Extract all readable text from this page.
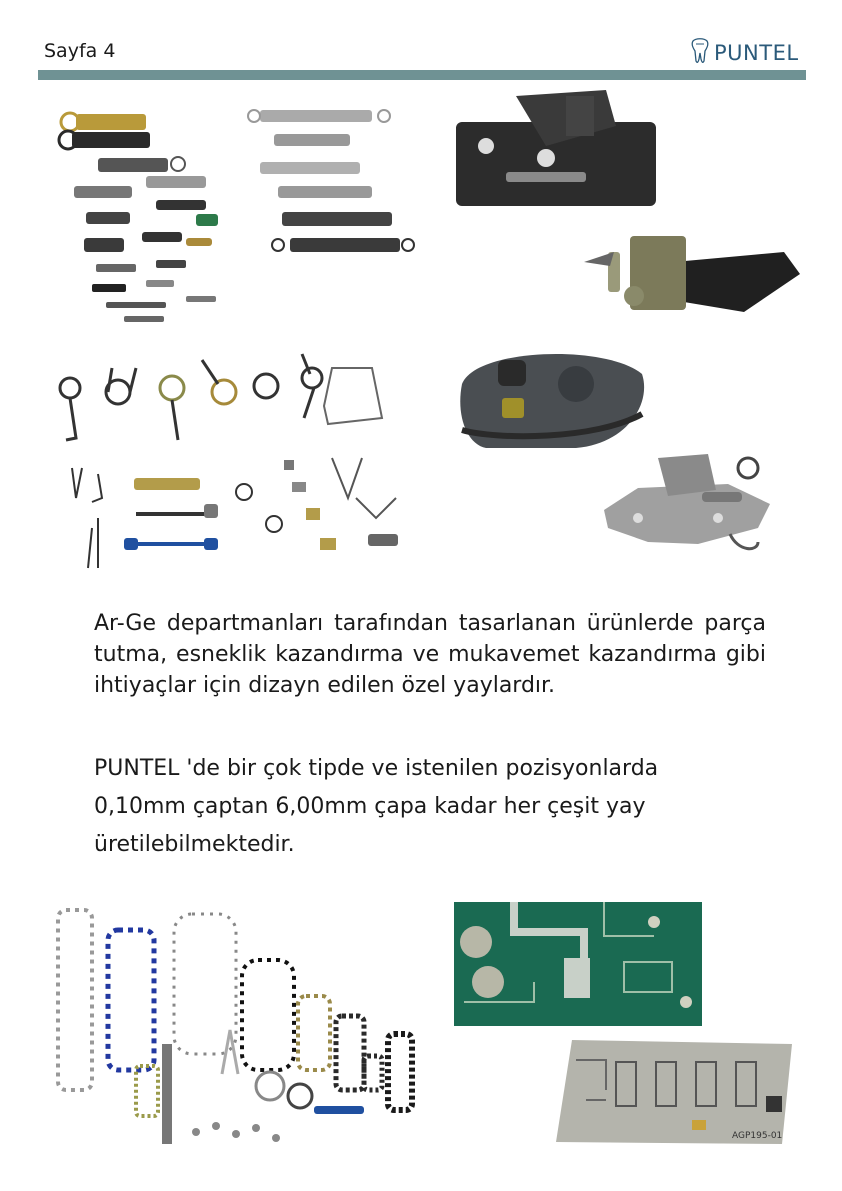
Sayfa 4	PUNTEL
Ar-Ge departmanları tarafından tasarlanan ürünlerde parça tutma, esneklik kazandırma ve mukavemet kazandırma gibi ihtiyaçlar için dizayn edilen özel yaylardır.
PUNTEL 'de bir çok tipde ve istenilen pozisyonlarda
0,10mm çaptan 6,00mm çapa kadar her çeşit yay
üretilebilmektedir.
AGP195-01
